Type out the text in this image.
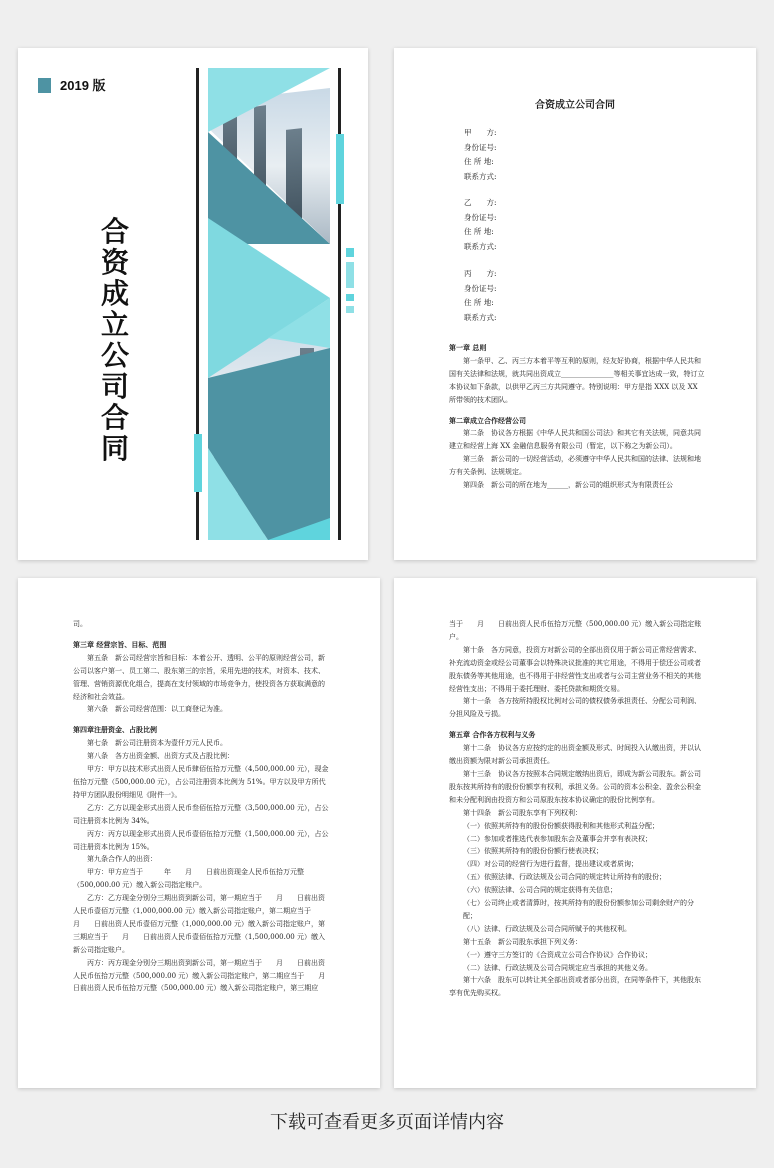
2019 版
合
资
成
立
公
司
合
同
合资成立公司合同
甲　　方:
身份证号:
住 所 地:
联系方式:
乙　　方:
身份证号:
住 所 地:
联系方式:
丙　　方:
身份证号:
住 所 地:
联系方式:

第一章 总则

第一条甲、乙、丙三方本着平等互利的原则，经友好协商，根据中华人民共和国有关法律和法规，就共同出资成立_______________等相关事宜达成一致，特订立本协议如下条款，以供甲乙丙三方共同遵守。特别说明：甲方是指 XXX 以及 XX 所带领的技术团队。

第二章成立合作经营公司

第二条　协议各方根据《中华人民共和国公司法》和其它有关法规，同意共同建立和经营上海 XX 金融信息服务有限公司（暂定，以下称之为新公司）。

第三条　新公司的一切经营活动，必须遵守中华人民共和国的法律、法规和地方有关条例、法规规定。

第四条　新公司的所在地为______，新公司的组织形式为有限责任公

司。

第三章 经营宗旨、目标、范围

第五条　新公司经营宗旨和目标：本着公开、透明、公平的原则经营公司，新公司以客户第一、员工第二、股东第三的宗旨，采用先进的技术，对资本、技术、管理、营销资源优化组合，提高在支付领域的市场竞争力，使投资各方获取满意的经济和社会效益。

第六条　新公司经营范围：以工商登记为准。

第四章注册资金、占股比例

第七条　新公司注册资本为壹仟万元人民币。

第八条　各方出资金额、出资方式及占股比例：

甲方：甲方以技术形式出资人民币肆佰伍拾万元整（4,500,000.00 元），现金伍拾万元整（500,000.00 元），占公司注册资本比例为 51%。甲方以及甲方所代持甲方团队股份明细见《附件一》。

乙方：乙方以现金形式出资人民币叁佰伍拾万元整（3,500,000.00 元），占公司注册资本比例为 34%。

丙方：丙方以现金形式出资人民币壹佰伍拾万元整（1,500,000.00 元），占公司注册资本比例为 15%。

第九条合作人的出资：

甲方：甲方应当于　　　年　　月　　日前出资现金人民币伍拾万元整（500,000.00 元）缴入新公司指定账户。

乙方：乙方现金分别分三期出资到新公司，第一期应当于　　月　　日前出资人民币壹佰万元整（1,000,000.00 元）缴入新公司指定账户，第二期应当于　　月　　日前出资人民币壹佰万元整（1,000,000.00 元）缴入新公司指定账户，第三期应当于　　月　　日前出资人民币壹佰伍拾万元整（1,500,000.00 元）缴入新公司指定账户。

丙方：丙方现金分别分三期出资到新公司，第一期应当于　　月　　日前出资人民币伍拾万元整（500,000.00 元）缴入新公司指定账户，第二期应当于　　月日前出资人民币伍拾万元整（500,000.00 元）缴入新公司指定账户，第三期应

当于　　月　　日前出资人民币伍拾万元整（500,000.00 元）缴入新公司指定账户。

第十条　各方同意，投资方对新公司的全部出资仅用于新公司正常经营需求、补充流动资金或经公司董事会以特殊决议批准的其它用途，不得用于偿还公司或者股东债务等其他用途，也不得用于非经营性支出或者与公司主营业务不相关的其他经营性支出；不得用于委托理财、委托贷款和期货交易。

第十一条　各方按所持股权比例对公司的债权债务承担责任、分配公司利润、分担风险及亏损。

第五章 合作各方权利与义务

第十二条　协议各方应按约定的出资金额及形式、时间投入认缴出资，并以认缴出资额为限对新公司承担责任。

第十三条　协议各方按照本合同规定缴纳出资后，即成为新公司股东。新公司股东按其所持有的股份份额享有权利，承担义务。公司的资本公积金、盈余公积金和未分配利润由投资方和公司原股东按本协议确定的股份比例享有。

第十四条　新公司股东享有下列权利：

（一）依照其所持有的股份份额获得股利和其他形式利益分配；

（二）参加或者推选代表参加股东会及董事会并享有表决权；

（三）依照其所持有的股份份额行使表决权；

（四）对公司的经营行为进行监督，提出建议或者质询；

（五）依照法律、行政法规及公司合同的规定转让所持有的股份；

（六）依照法律、公司合同的规定获得有关信息；

（七）公司终止或者清算时，按其所持有的股份份额参加公司剩余财产的分配；

（八）法律、行政法规及公司合同所赋予的其他权利。

第十五条　新公司股东承担下列义务：

（一）遵守三方签订的《合资成立公司合作协议》合作协议；

（二）法律、行政法规及公司合同规定应当承担的其他义务。

第十六条　股东可以转让其全部出资或者部分出资，在同等条件下，其他股东享有优先购买权。

下载可查看更多页面详情内容
